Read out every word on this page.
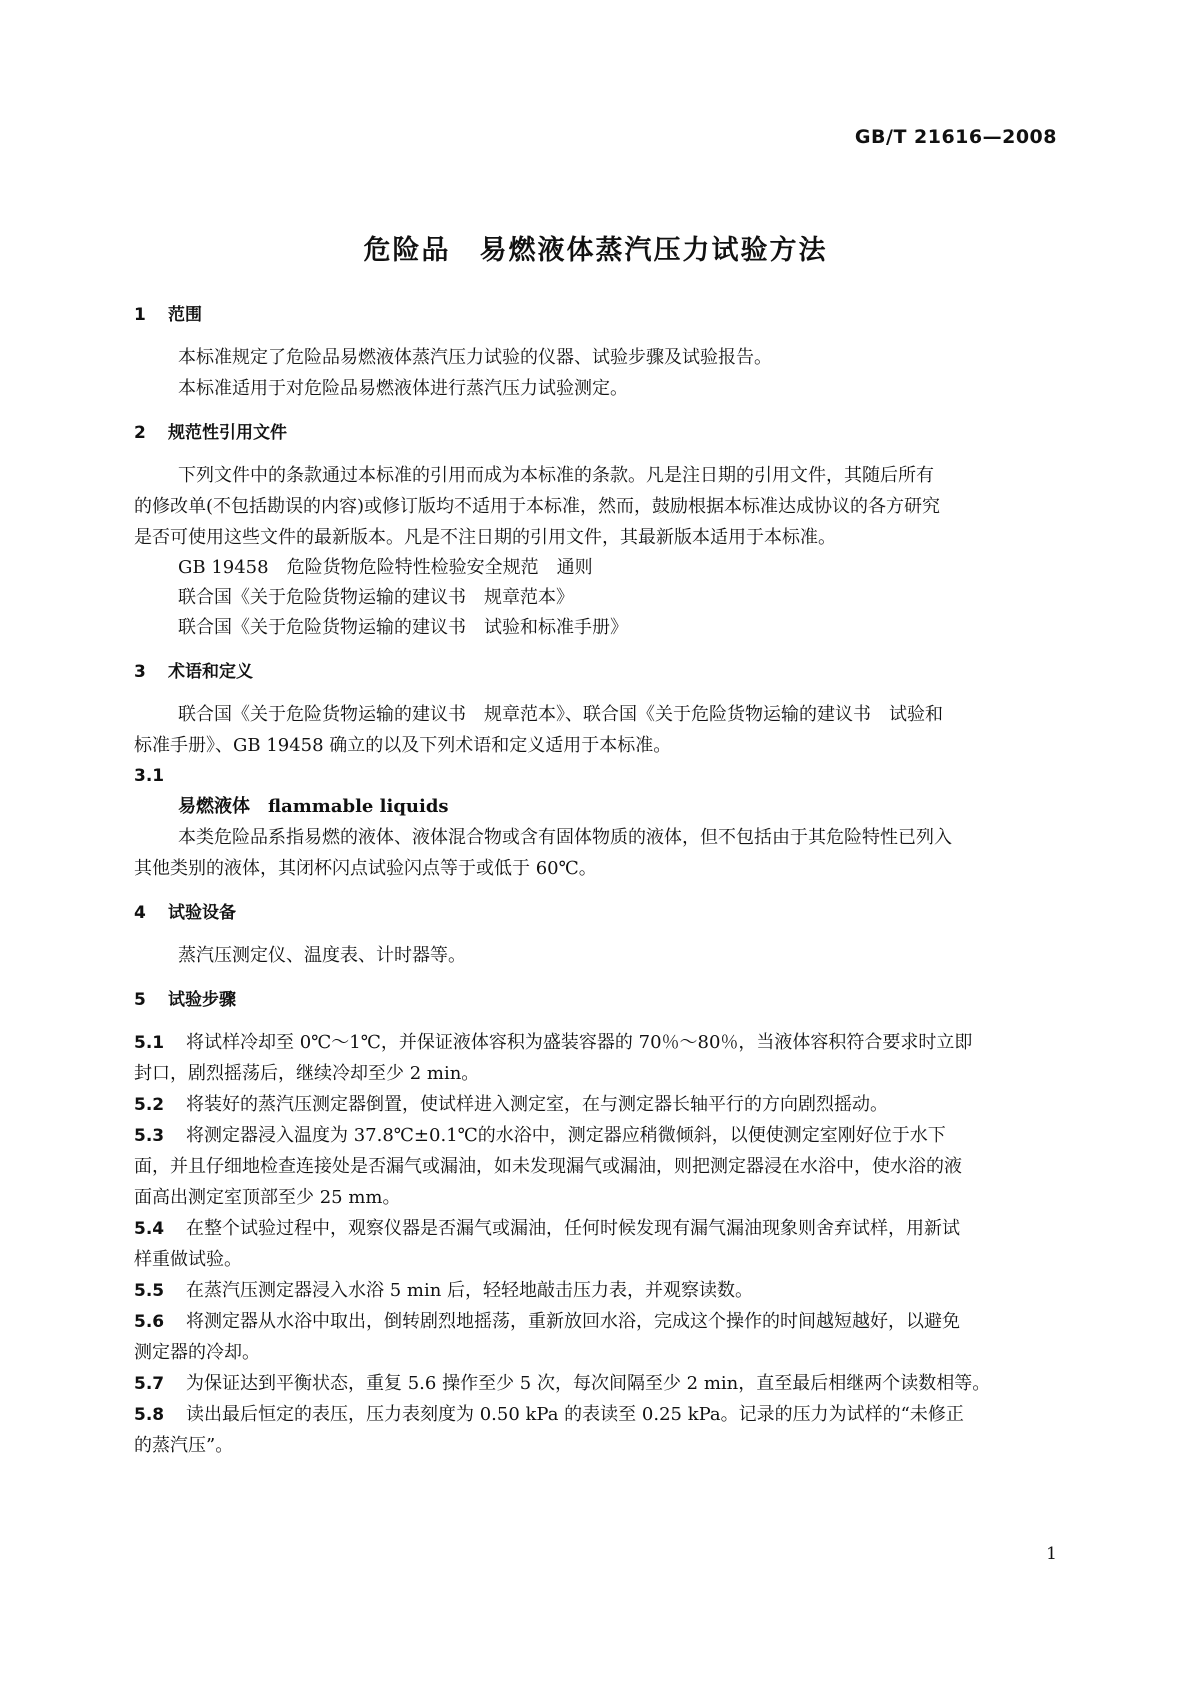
GB/T 21616—2008
危险品　易燃液体蒸汽压力试验方法
1 范围
本标准规定了危险品易燃液体蒸汽压力试验的仪器、试验步骤及试验报告。
本标准适用于对危险品易燃液体进行蒸汽压力试验测定。
2 规范性引用文件
下列文件中的条款通过本标准的引用而成为本标准的条款。凡是注日期的引用文件，其随后所有
的修改单(不包括勘误的内容)或修订版均不适用于本标准，然而，鼓励根据本标准达成协议的各方研究
是否可使用这些文件的最新版本。凡是不注日期的引用文件，其最新版本适用于本标准。
GB 19458　危险货物危险特性检验安全规范　通则
联合国《关于危险货物运输的建议书　规章范本》
联合国《关于危险货物运输的建议书　试验和标准手册》
3 术语和定义
联合国《关于危险货物运输的建议书　规章范本》、联合国《关于危险货物运输的建议书　试验和
标准手册》、GB 19458 确立的以及下列术语和定义适用于本标准。
3.1
易燃液体　flammable liquids
本类危险品系指易燃的液体、液体混合物或含有固体物质的液体，但不包括由于其危险特性已列入
其他类别的液体，其闭杯闪点试验闪点等于或低于 60℃。
4 试验设备
蒸汽压测定仪、温度表、计时器等。
5 试验步骤
5.1 将试样冷却至 0℃～1℃，并保证液体容积为盛装容器的 70％～80％，当液体容积符合要求时立即
封口，剧烈摇荡后，继续冷却至少 2 min。
5.2 将装好的蒸汽压测定器倒置，使试样进入测定室，在与测定器长轴平行的方向剧烈摇动。
5.3 将测定器浸入温度为 37.8℃±0.1℃的水浴中，测定器应稍微倾斜，以便使测定室刚好位于水下
面，并且仔细地检查连接处是否漏气或漏油，如未发现漏气或漏油，则把测定器浸在水浴中，使水浴的液
面高出测定室顶部至少 25 mm。
5.4 在整个试验过程中，观察仪器是否漏气或漏油，任何时候发现有漏气漏油现象则舍弃试样，用新试
样重做试验。
5.5 在蒸汽压测定器浸入水浴 5 min 后，轻轻地敲击压力表，并观察读数。
5.6 将测定器从水浴中取出，倒转剧烈地摇荡，重新放回水浴，完成这个操作的时间越短越好，以避免
测定器的冷却。
5.7 为保证达到平衡状态，重复 5.6 操作至少 5 次，每次间隔至少 2 min，直至最后相继两个读数相等。
5.8 读出最后恒定的表压，压力表刻度为 0.50 kPa 的表读至 0.25 kPa。记录的压力为试样的“未修正
的蒸汽压”。
1
